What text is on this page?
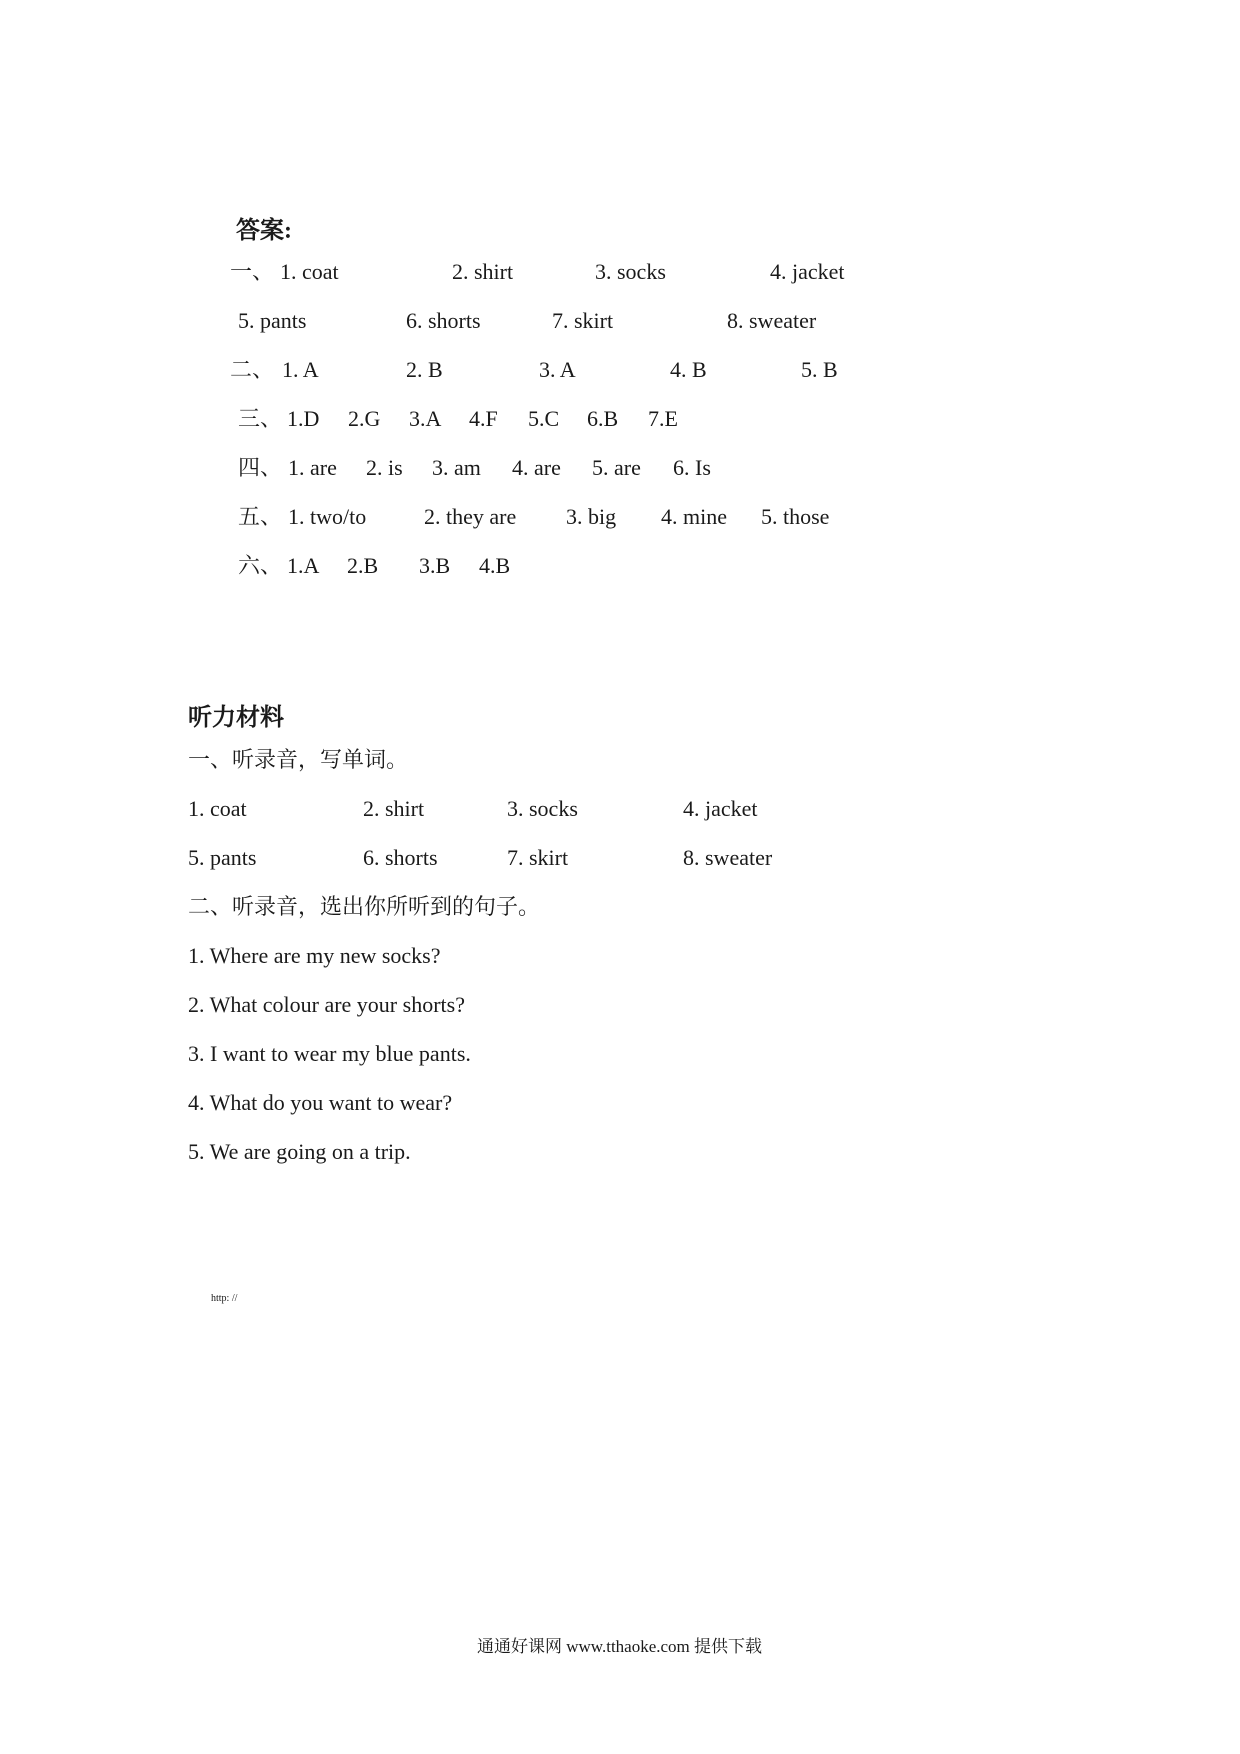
答案:
一、 1. coat	2. shirt	3. socks	4. jacket
5. pants	6. shorts	7. skirt	8. sweater
二、 1. A	2. B	3. A	4. B	5. B
三、 1.D 2.G 3.A 4.F 5.C 6.B 7.E
四、 1. are 2. is 3. am 4. are 5. are 6. Is
五、 1. two/to	2. they are 3. big 4. mine 5. those
六、 1.A 2.B 3.B 4.B
听力材料
一、听录音，写单词。
1. coat	2. shirt	3. socks	4. jacket
5. pants	6. shorts	7. skirt	8. sweater
二、听录音，选出你所听到的句子。
1. Where are my new socks?
2. What colour are your shorts?
3. I want to wear my blue pants.
4. What do you want to wear?
5. We are going on a trip.
http: //
通通好课网 www.tthaoke.com 提供下载
